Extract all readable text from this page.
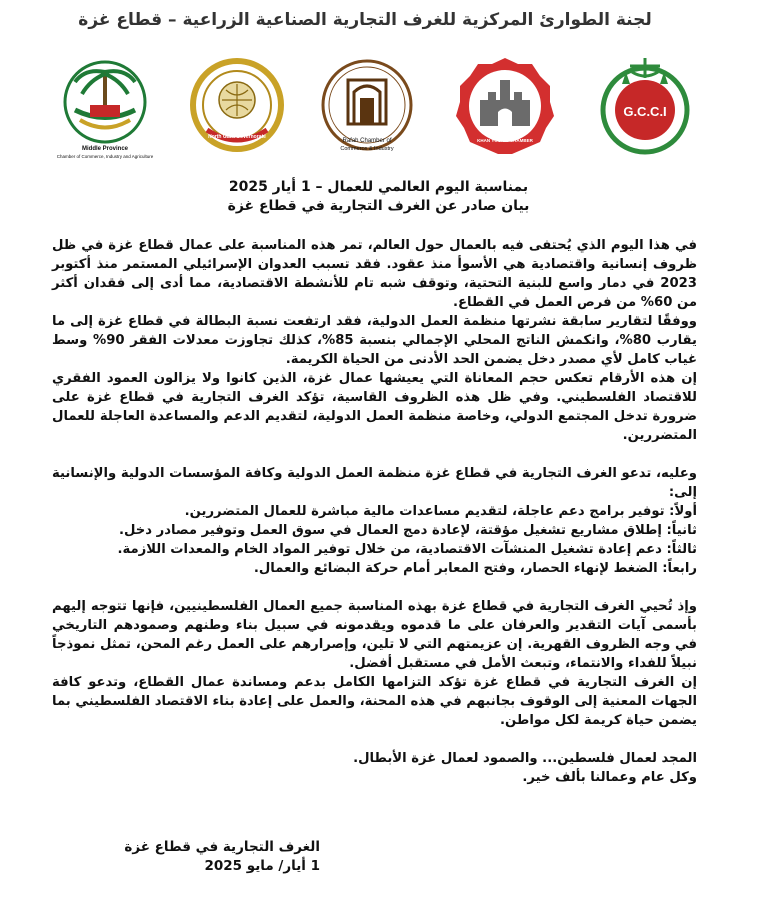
لجنة الطوارئ المركزية للغرف التجارية الصناعية الزراعية – قطاع غزة
Middle Province
Chamber of Commerce, Industry and Agriculture
North Gaza Governorate
Rafah Chamber of
Commerce & Industry
KHAN YOUNIS CHAMBER
G.C.C.I
بمناسبة اليوم العالمي للعمال – 1 أيار 2025
بيان صادر عن الغرف التجارية في قطاع غزة

في هذا اليوم الذي يُحتفى فيه بالعمال حول العالم، تمر هذه المناسبة على عمال قطاع غزة في ظل ظروف إنسانية واقتصادية هي الأسوأ منذ عقود. فقد تسبب العدوان الإسرائيلي المستمر منذ أكتوبر 2023 في دمار واسع للبنية التحتية، وتوقف شبه تام للأنشطة الاقتصادية، مما أدى إلى فقدان أكثر من 60% من فرص العمل في القطاع.

ووفقًا لتقارير سابقة نشرتها منظمة العمل الدولية، فقد ارتفعت نسبة البطالة في قطاع غزة إلى ما يقارب 80%، وانكمش الناتج المحلي الإجمالي بنسبة 85%، كذلك تجاوزت معدلات الفقر 90% وسط غياب كامل لأي مصدر دخل يضمن الحد الأدنى من الحياة الكريمة.

إن هذه الأرقام تعكس حجم المعاناة التي يعيشها عمال غزة، الذين كانوا ولا يزالون العمود الفقري للاقتصاد الفلسطيني. وفي ظل هذه الظروف القاسية، تؤكد الغرف التجارية في قطاع غزة على ضرورة تدخل المجتمع الدولي، وخاصة منظمة العمل الدولية، لتقديم الدعم والمساعدة العاجلة للعمال المتضررين.

وعليه، تدعو الغرف التجارية في قطاع غزة منظمة العمل الدولية وكافة المؤسسات الدولية والإنسانية إلى:

أولاً: توفير برامج دعم عاجلة، لتقديم مساعدات مالية مباشرة للعمال المتضررين.

ثانياً: إطلاق مشاريع تشغيل مؤقتة، لإعادة دمج العمال في سوق العمل وتوفير مصادر دخل.

ثالثاً: دعم إعادة تشغيل المنشآت الاقتصادية، من خلال توفير المواد الخام والمعدات اللازمة.

رابعاً: الضغط لإنهاء الحصار، وفتح المعابر أمام حركة البضائع والعمال.

وإذ تُحيي الغرف التجارية في قطاع غزة بهذه المناسبة جميع العمال الفلسطينيين، فإنها تتوجه إليهم بأسمى آيات التقدير والعرفان على ما قدموه ويقدمونه في سبيل بناء وطنهم وصمودهم التاريخي في وجه الظروف القهرية. إن عزيمتهم التي لا تلين، وإصرارهم على العمل رغم المحن، تمثل نموذجاً نبيلاً للفداء والانتماء، وتبعث الأمل في مستقبل أفضل.

إن الغرف التجارية في قطاع غزة تؤكد التزامها الكامل بدعم ومساندة عمال القطاع، وتدعو كافة الجهات المعنية إلى الوقوف بجانبهم في هذه المحنة، والعمل على إعادة بناء الاقتصاد الفلسطيني بما يضمن حياة كريمة لكل مواطن.

المجد لعمال فلسطين... والصمود لعمال غزة الأبطال.

وكل عام وعمالنا بألف خير.

الغرف التجارية في قطاع غزة
1 أيار/ مايو 2025
